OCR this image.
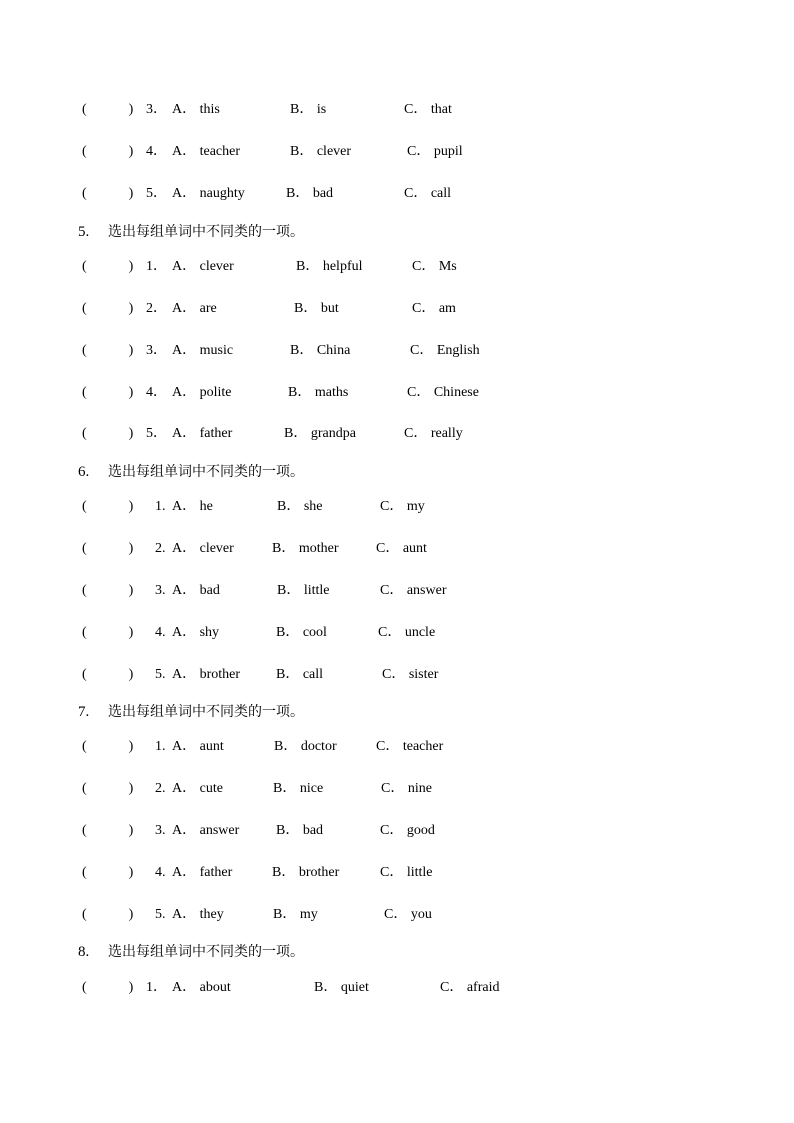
(　　　) 3． A． this	B． is	C． that
(　　　) 4． A． teacher	B． clever	C． pupil
(　　　) 5． A． naughty	B． bad	C． call
5. 选出每组单词中不同类的一项。
(　　　) 1． A． clever	B． helpful	C． Ms
(　　　) 2． A． are	B． but	C． am
(　　　) 3． A． music	B． China	C． English
(　　　) 4． A． polite	B． maths	C． Chinese
(　　　) 5． A． father	B． grandpa	C． really
6. 选出每组单词中不同类的一项。
(　　　) 1. A． he	B． she	C． my
(　　　) 2. A． clever	B． mother	C． aunt
(　　　) 3. A． bad	B． little	C． answer
(　　　) 4. A． shy	B． cool	C． uncle
(　　　) 5. A． brother	B． call	C． sister
7. 选出每组单词中不同类的一项。
(　　　) 1. A． aunt	B． doctor	C． teacher
(　　　) 2. A． cute	B． nice	C． nine
(　　　) 3. A． answer	B． bad	C． good
(　　　) 4. A． father	B． brother	C． little
(　　　) 5. A． they	B． my	C． you
8. 选出每组单词中不同类的一项。
(　　　) 1． A． about	B． quiet	C． afraid
